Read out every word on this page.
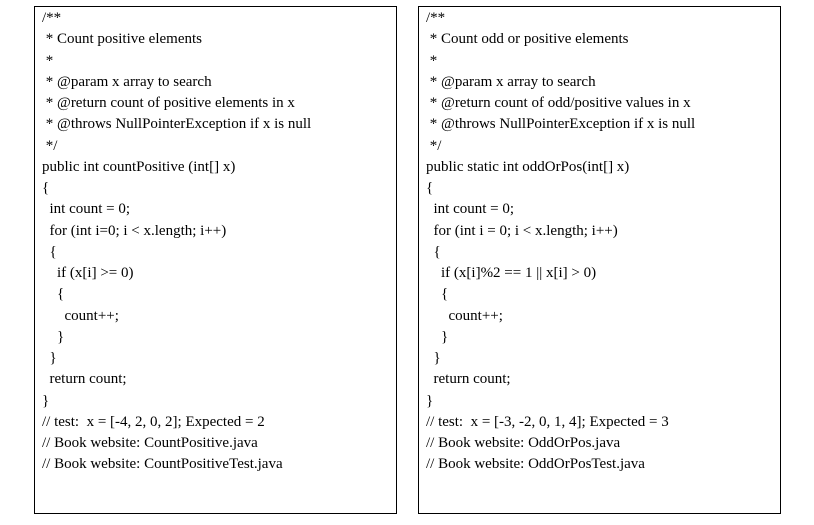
/**
* Count positive elements
*
* @param x array to search
* @return count of positive elements in x
* @throws NullPointerException if x is null
*/
public int countPositive (int[] x)
{
int count = 0;
for (int i=0; i < x.length; i++)
{
if (x[i] >= 0)
{
count++;
}
}
return count;
}
// test:  x = [-4, 2, 0, 2]; Expected = 2
// Book website: CountPositive.java
// Book website: CountPositiveTest.java
/**
* Count odd or positive elements
*
* @param x array to search
* @return count of odd/positive values in x
* @throws NullPointerException if x is null
*/
public static int oddOrPos(int[] x)
{
int count = 0;
for (int i = 0; i < x.length; i++)
{
if (x[i]%2 == 1 || x[i] > 0)
{
count++;
}
}
return count;
}
// test:  x = [-3, -2, 0, 1, 4]; Expected = 3
// Book website: OddOrPos.java
// Book website: OddOrPosTest.java
